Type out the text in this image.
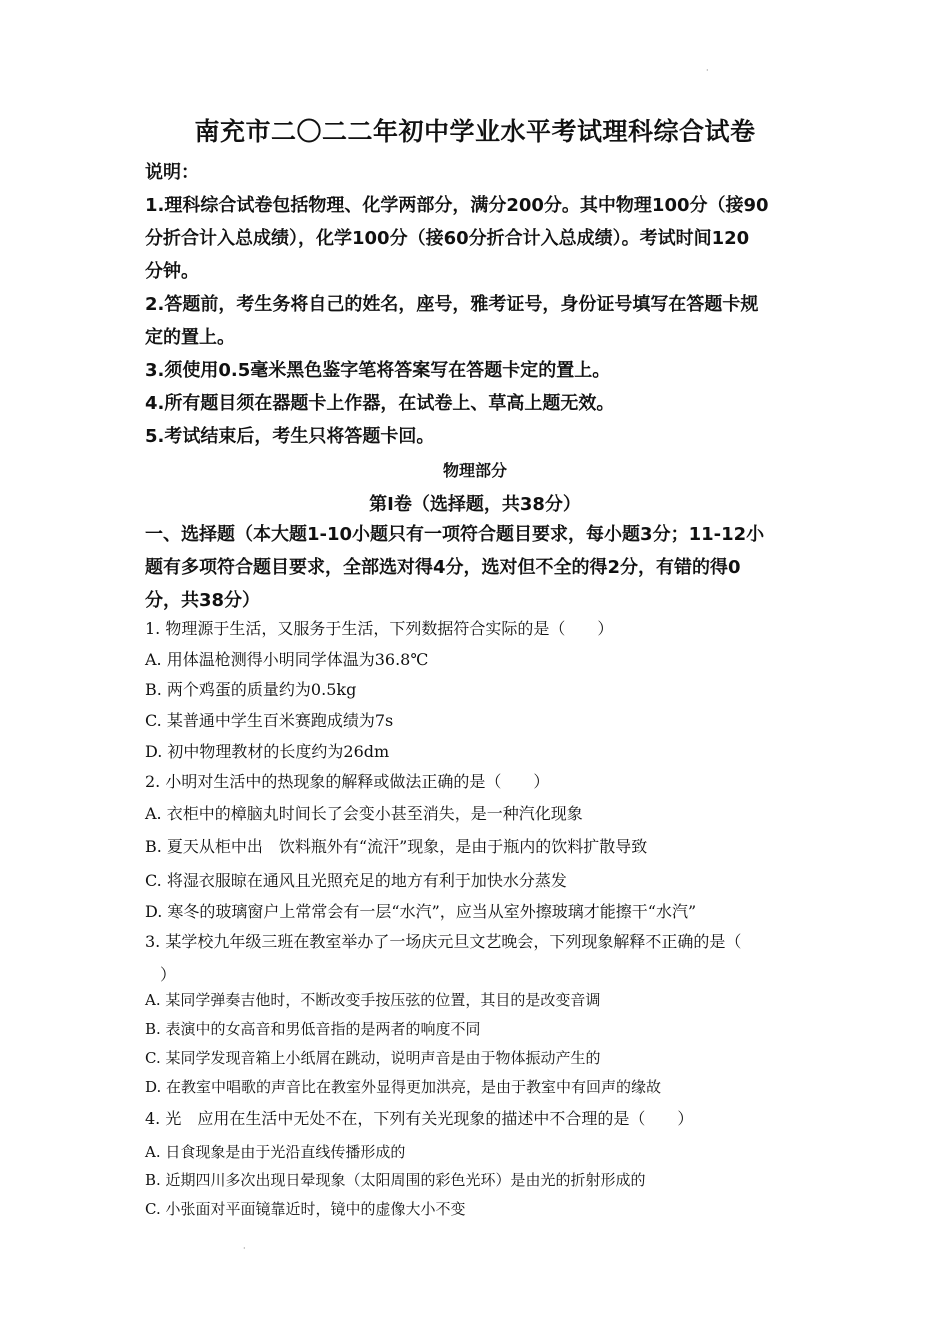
·
南充市二〇二二年初中学业水平考试理科综合试卷
说明：
1.理科综合试卷包括物理、化学两部分，满分200分。其中物理100分（接90
分折合计入总成绩），化学100分（接60分折合计入总成绩）。考试时间120
分钟。
2.答题前，考生务将自己的姓名，座号，雅考证号，身份证号填写在答题卡规
定的置上。
3.须使用0.5毫米黑色鉴字笔将答案写在答题卡定的置上。
4.所有题目须在器题卡上作器，在试卷上、草高上题无效。
5.考试结束后，考生只将答题卡回。
物理部分
第Ⅰ卷（选择题，共38分）
一、选择题（本大题1-10小题只有一项符合题目要求，每小题3分；11-12小
题有多项符合题目要求，全部选对得4分，选对但不全的得2分，有错的得0
分，共38分）
1. 物理源于生活，又服务于生活，下列数据符合实际的是（　　）
A. 用体温枪测得小明同学体温为36.8℃
B. 两个鸡蛋的质量约为0.5kg
C. 某普通中学生百米赛跑成绩为7s
D. 初中物理教材的长度约为26dm
2. 小明对生活中的热现象的解释或做法正确的是（　　）
A. 衣柜中的樟脑丸时间长了会变小甚至消失，是一种汽化现象
B. 夏天从柜中出　饮料瓶外有“流汗”现象，是由于瓶内的饮料扩散导致
C. 将湿衣服晾在通风且光照充足的地方有利于加快水分蒸发
D. 寒冬的玻璃窗户上常常会有一层“水汽”，应当从室外擦玻璃才能擦干“水汽”
3. 某学校九年级三班在教室举办了一场庆元旦文艺晚会，下列现象解释不正确的是（
）
A. 某同学弹奏吉他时，不断改变手按压弦的位置，其目的是改变音调
B. 表演中的女高音和男低音指的是两者的响度不同
C. 某同学发现音箱上小纸屑在跳动，说明声音是由于物体振动产生的
D. 在教室中唱歌的声音比在教室外显得更加洪亮，是由于教室中有回声的缘故
4. 光　应用在生活中无处不在，下列有关光现象的描述中不合理的是（　　）
A. 日食现象是由于光沿直线传播形成的
B. 近期四川多次出现日晕现象（太阳周围的彩色光环）是由光的折射形成的
C. 小张面对平面镜靠近时，镜中的虚像大小不变
·
